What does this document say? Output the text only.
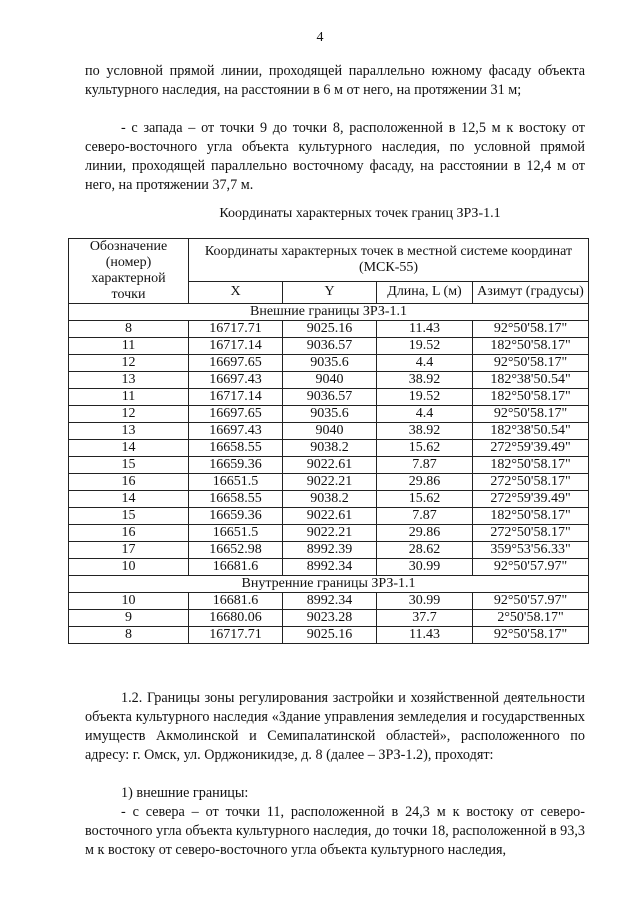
4

по условной прямой линии, проходящей параллельно южному фасаду объекта культурного наследия, на расстоянии в 6 м от него, на протяжении 31 м;

- с запада – от точки 9 до точки 8, расположенной в 12,5 м к востоку от северо-восточного угла объекта культурного наследия, по условной прямой линии, проходящей параллельно восточному фасаду, на расстоянии в 12,4 м от него, на протяжении 37,7 м.

Координаты характерных точек границ ЗРЗ-1.1
Обозначение (номер) характерной точки	Координаты характерных точек в местной системе координат (МСК-55)			
	X	Y	Длина, L (м)	Азимут (градусы)
Внешние границы ЗРЗ-1.1				
8	16717.71	9025.16	11.43	92°50'58.17"
11	16717.14	9036.57	19.52	182°50'58.17"
12	16697.65	9035.6	4.4	92°50'58.17"
13	16697.43	9040	38.92	182°38'50.54"
11	16717.14	9036.57	19.52	182°50'58.17"
12	16697.65	9035.6	4.4	92°50'58.17"
13	16697.43	9040	38.92	182°38'50.54"
14	16658.55	9038.2	15.62	272°59'39.49"
15	16659.36	9022.61	7.87	182°50'58.17"
16	16651.5	9022.21	29.86	272°50'58.17"
14	16658.55	9038.2	15.62	272°59'39.49"
15	16659.36	9022.61	7.87	182°50'58.17"
16	16651.5	9022.21	29.86	272°50'58.17"
17	16652.98	8992.39	28.62	359°53'56.33"
10	16681.6	8992.34	30.99	92°50'57.97"
Внутренние границы ЗРЗ-1.1				
10	16681.6	8992.34	30.99	92°50'57.97"
9	16680.06	9023.28	37.7	2°50'58.17"
8	16717.71	9025.16	11.43	92°50'58.17"

1.2. Границы зоны регулирования застройки и хозяйственной деятельности объекта культурного наследия «Здание управления земледелия и государственных имуществ Акмолинской и Семипалатинской областей», расположенного по адресу: г. Омск, ул. Орджоникидзе, д. 8 (далее – ЗРЗ-1.2), проходят:

1) внешние границы:

- с севера – от точки 11, расположенной в 24,3 м к востоку от северо-восточного угла объекта культурного наследия, до точки 18, расположенной в 93,3 м к востоку от северо-восточного угла объекта культурного наследия,
